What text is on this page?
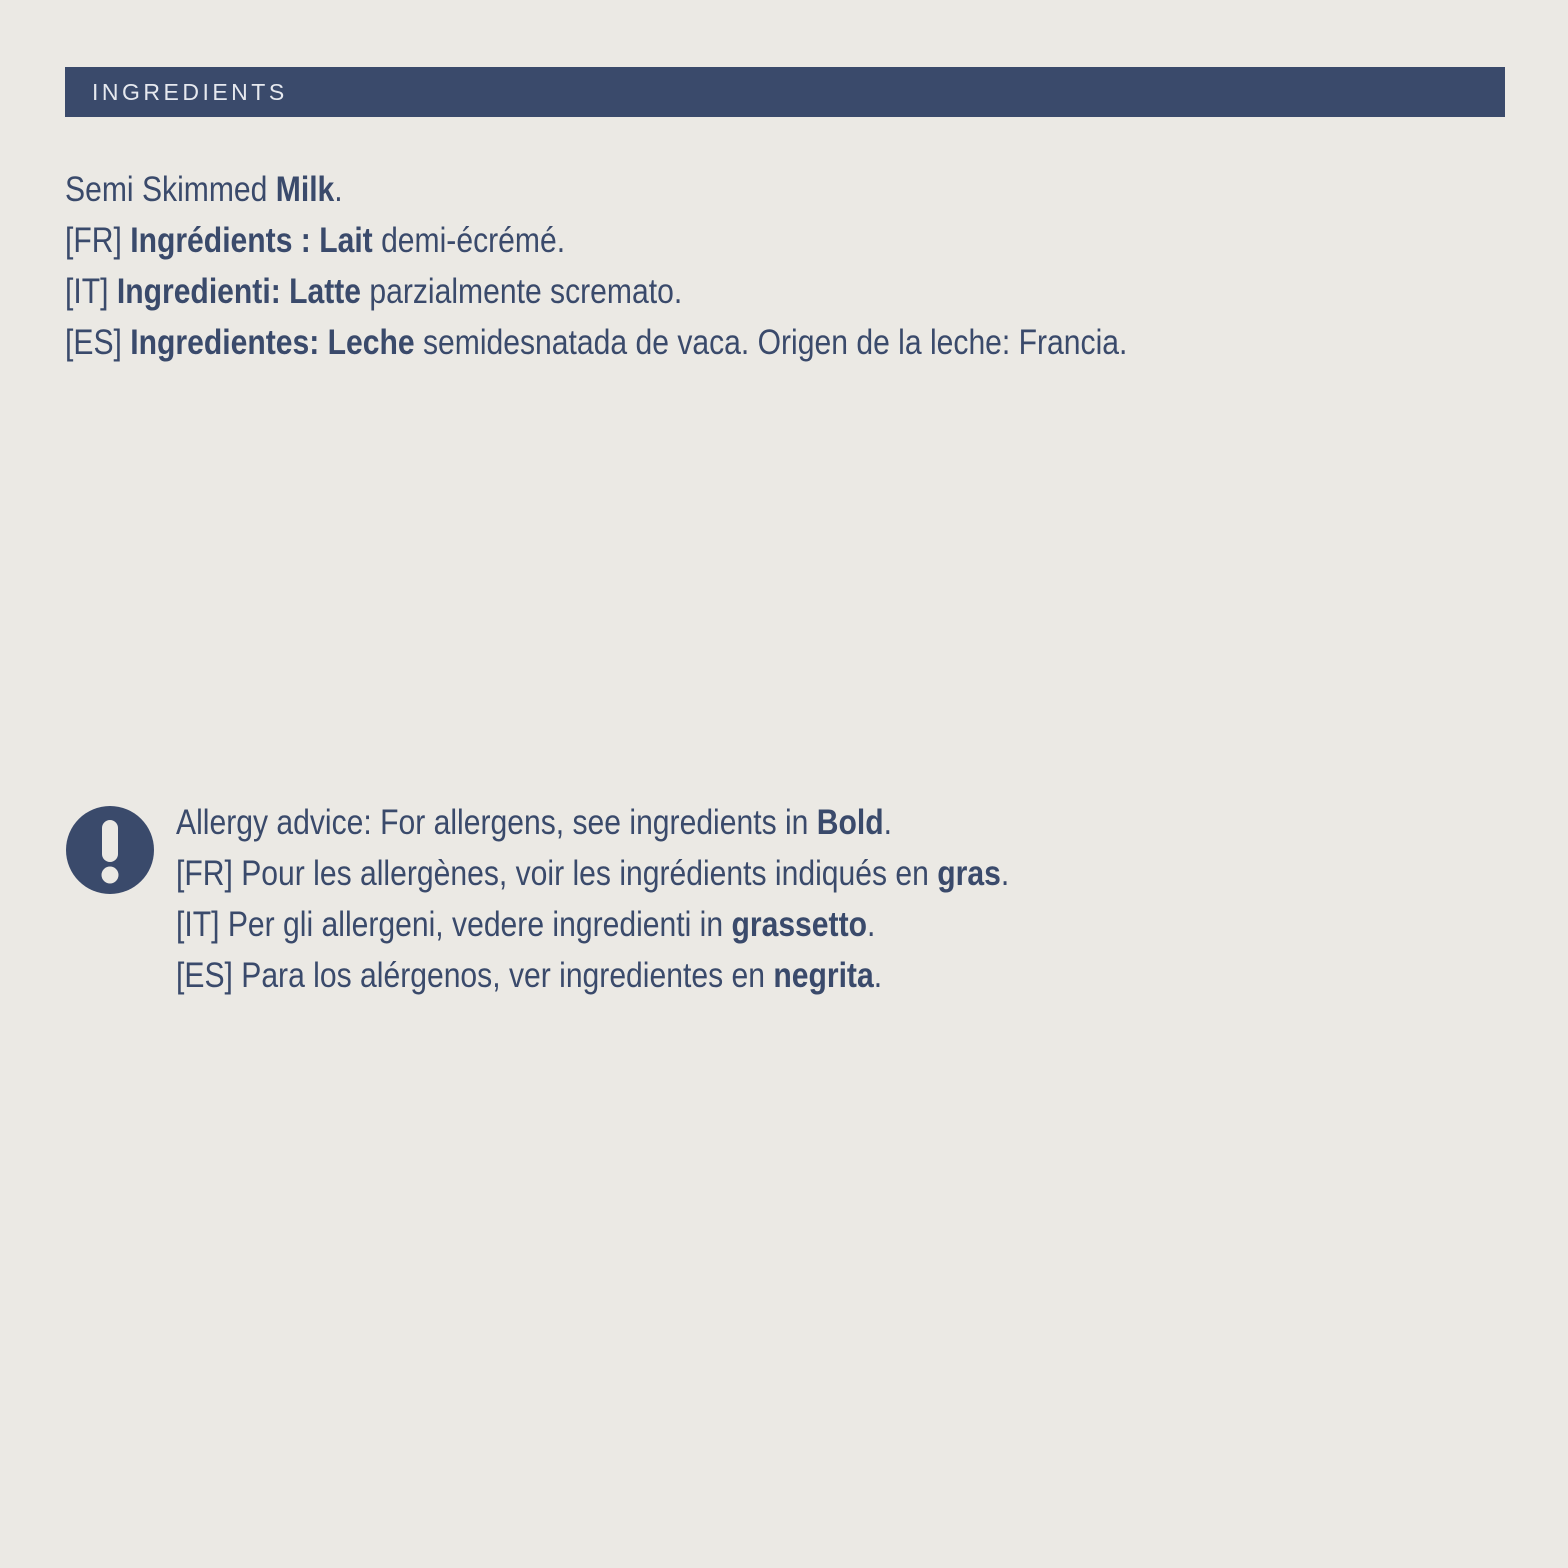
INGREDIENTS
Semi Skimmed Milk.
[FR] Ingrédients : Lait demi-écrémé.
[IT] Ingredienti: Latte parzialmente scremato.
[ES] Ingredientes: Leche semidesnatada de vaca. Origen de la leche: Francia.
Allergy advice: For allergens, see ingredients in Bold.
[FR] Pour les allergènes, voir les ingrédients indiqués en gras.
[IT] Per gli allergeni, vedere ingredienti in grassetto.
[ES] Para los alérgenos, ver ingredientes en negrita.
